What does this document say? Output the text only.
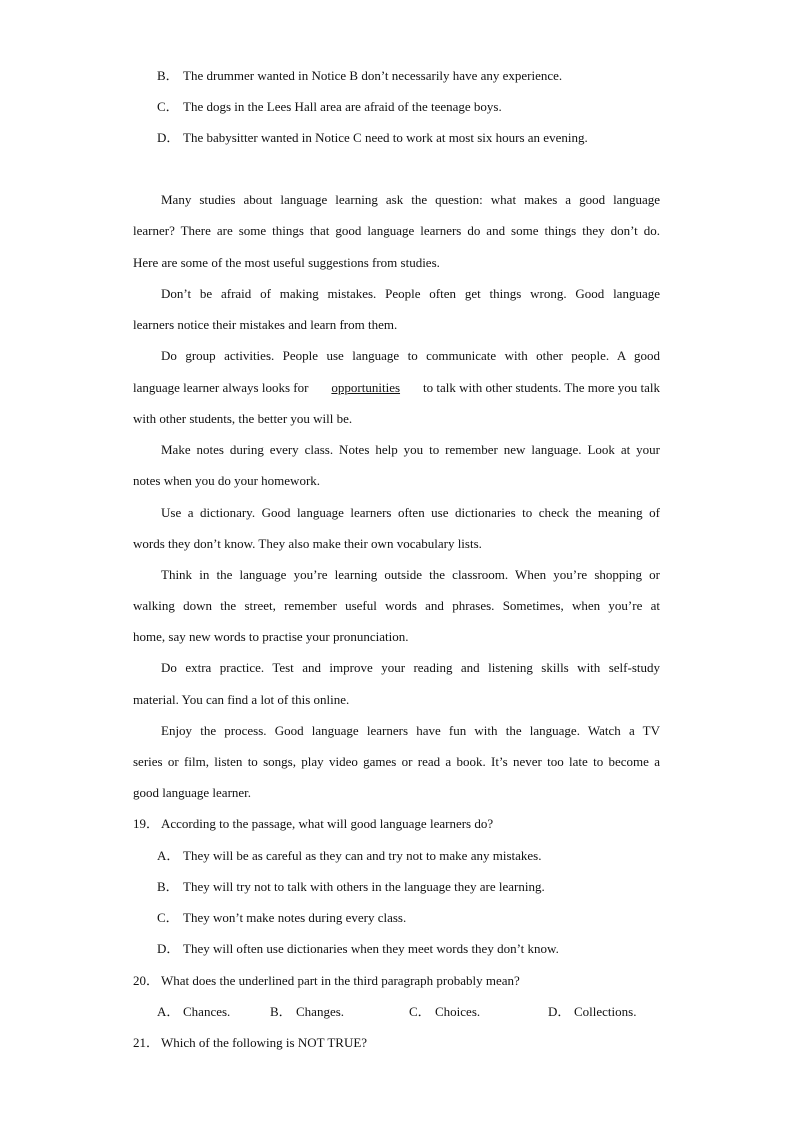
B． The drummer wanted in Notice B don’t necessarily have any experience.
C． The dogs in the Lees Hall area are afraid of the teenage boys.
D． The babysitter wanted in Notice C need to work at most six hours an evening.
Many studies about language learning ask the question: what makes a good language
learner? There are some things that good language learners do and some things they don’t do.
Here are some of the most useful suggestions from studies.
Don’t be afraid of making mistakes. People often get things wrong. Good language
learners notice their mistakes and learn from them.
Do group activities. People use language to communicate with other people. A good
language learner always looks for opportunities to talk with other students. The more you talk
with other students, the better you will be.
Make notes during every class. Notes help you to remember new language. Look at your
notes when you do your homework.
Use a dictionary. Good language learners often use dictionaries to check the meaning of
words they don’t know. They also make their own vocabulary lists.
Think in the language you’re learning outside the classroom. When you’re shopping or
walking down the street, remember useful words and phrases. Sometimes, when you’re at
home, say new words to practise your pronunciation.
Do extra practice. Test and improve your reading and listening skills with self-study
material. You can find a lot of this online.
Enjoy the process. Good language learners have fun with the language. Watch a TV
series or film, listen to songs, play video games or read a book. It’s never too late to become a
good language learner.
19． According to the passage, what will good language learners do?
A． They will be as careful as they can and try not to make any mistakes.
B． They will try not to talk with others in the language they are learning.
C． They won’t make notes during every class.
D． They will often use dictionaries when they meet words they don’t know.
20． What does the underlined part in the third paragraph probably mean?
A． Chances.	B． Changes.	C． Choices.	D． Collections.
21． Which of the following is NOT TRUE?
